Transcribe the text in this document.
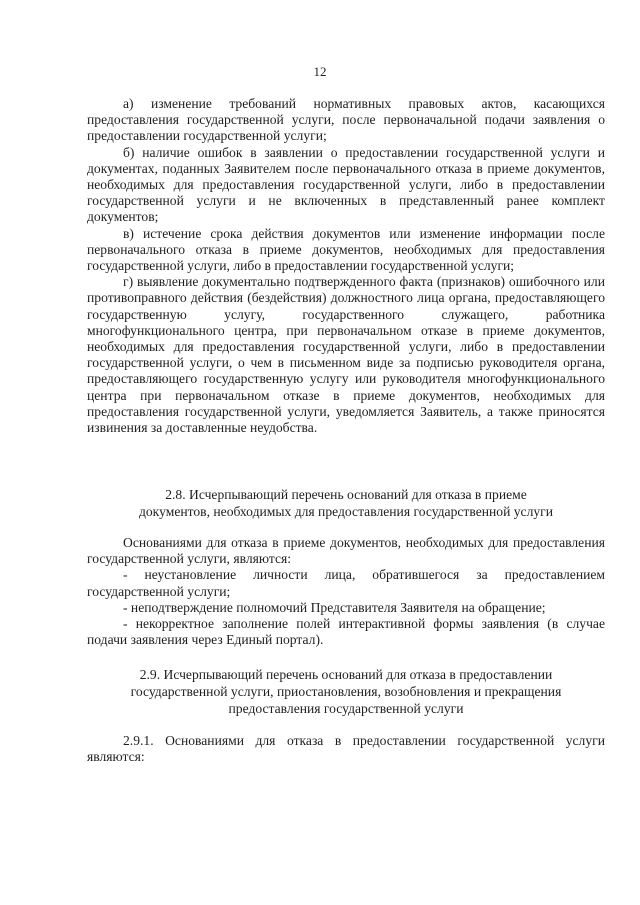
12

а) изменение требований нормативных правовых актов, касающихся предоставления государственной услуги, после первоначальной подачи заявления о предоставлении государственной услуги;

б) наличие ошибок в заявлении о предоставлении государственной услуги и документах, поданных Заявителем после первоначального отказа в приеме документов, необходимых для предоставления государственной услуги, либо в предоставлении государственной услуги и не включенных в представленный ранее комплект документов;

в) истечение срока действия документов или изменение информации после первоначального отказа в приеме документов, необходимых для предоставления государственной услуги, либо в предоставлении государственной услуги;

г) выявление документально подтвержденного факта (признаков) ошибочного или противоправного действия (бездействия) должностного лица органа, предоставляющего государственную услугу, государственного служащего, работника многофункционального центра, при первоначальном отказе в приеме документов, необходимых для предоставления государственной услуги, либо в предоставлении государственной услуги, о чем в письменном виде за подписью руководителя органа, предоставляющего государственную услугу или руководителя многофункционального центра при первоначальном отказе в приеме документов, необходимых для предоставления государственной услуги, уведомляется Заявитель, а также приносятся извинения за доставленные неудобства.

2.8. Исчерпывающий перечень оснований для отказа в приеме

документов, необходимых для предоставления государственной услуги

Основаниями для отказа в приеме документов, необходимых для предоставления государственной услуги, являются:

- неустановление личности лица, обратившегося за предоставлением государственной услуги;

- неподтверждение полномочий Представителя Заявителя на обращение;

- некорректное заполнение полей интерактивной формы заявления (в случае подачи заявления через Единый портал).

2.9. Исчерпывающий перечень оснований для отказа в предоставлении

государственной услуги, приостановления, возобновления и прекращения

предоставления государственной услуги

2.9.1. Основаниями для отказа в предоставлении государственной услуги являются:
